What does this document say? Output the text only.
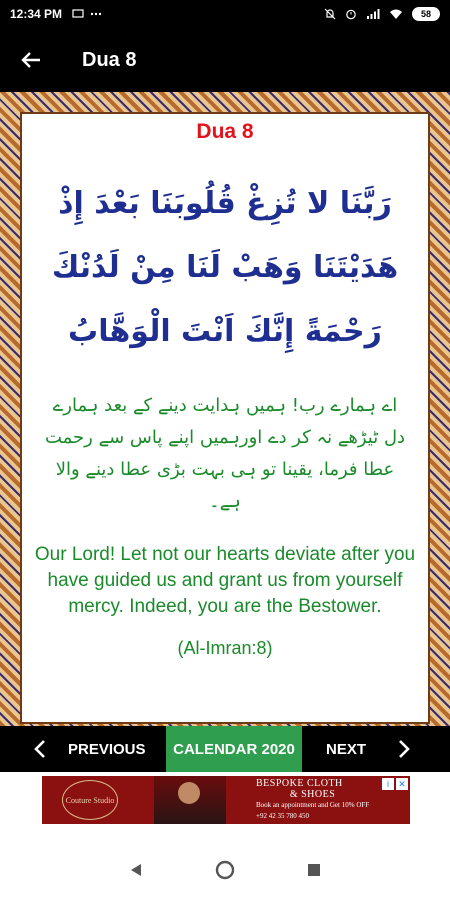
12:34 PM	58
Dua 8
Dua 8
رَبَّنَا لا تُزِغْ قُلُوبَنَا بَعْدَ إِذْ هَدَيْتَنَا وَهَبْ لَنَا مِنْ لَدُنْكَ رَحْمَةً إِنَّكَ اَنْتَ الْوَهَّابُ
اے ہمارے رب! ہمیں ہدایت دینے کے بعد ہمارے دل ٹیڑھے نہ کر دے اورہمیں اپنے پاس سے رحمت عطا فرما، یقینا تو ہی بہت بڑی عطا دینے والا ہے۔
Our Lord! Let not our hearts deviate after you have guided us and grant us from yourself mercy. Indeed, you are the Bestower.
(Al-Imran:8)
PREVIOUS CALENDAR 2020 NEXT
Couture Studio
BESPOKE CLOTH
& SHOES
Book an appointment and Get 10% OFF
+92 42 35 780 450
i	✕
